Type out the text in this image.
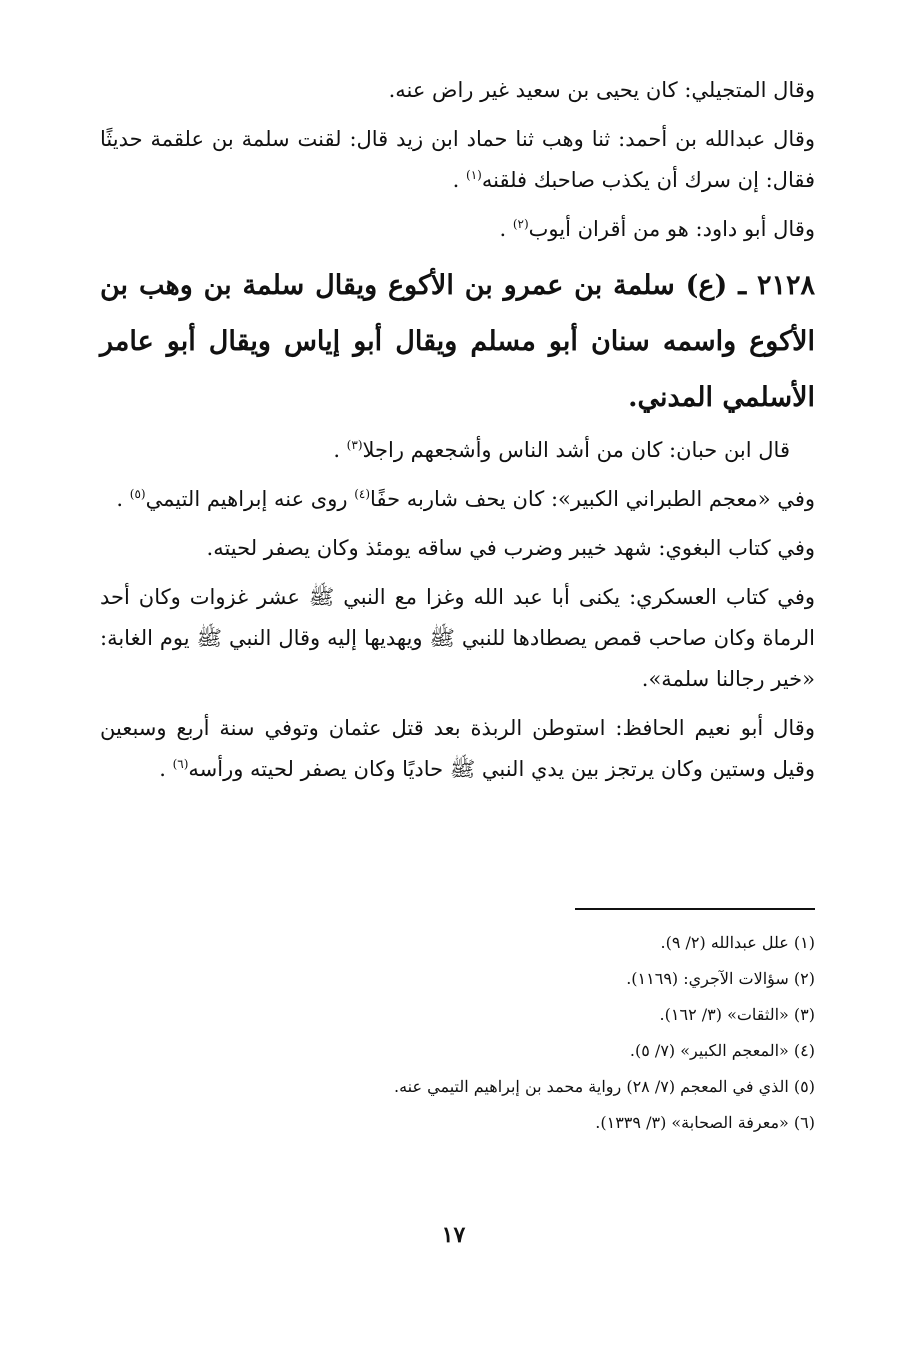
وقال المتجيلي: كان يحيى بن سعيد غير راض عنه.

وقال عبدالله بن أحمد: ثنا وهب ثنا حماد ابن زيد قال: لقنت سلمة بن علقمة حديثًا فقال: إن سرك أن يكذب صاحبك فلقنه$^{(١)}$ .

وقال أبو داود: هو من أقران أيوب$^{(٢)}$ .

٢١٢٨ ـ (ع) سلمة بن عمرو بن الأكوع ويقال سلمة بن وهب بن الأكوع واسمه سنان أبو مسلم ويقال أبو إياس ويقال أبو عامر الأسلمي المدني.

قال ابن حبان: كان من أشد الناس وأشجعهم راجلا$^{(٣)}$ .

وفي «معجم الطبراني الكبير»: كان يحف شاربه حفًا$^{(٤)}$ روى عنه إبراهيم التيمي$^{(٥)}$ .

وفي كتاب البغوي: شهد خيبر وضرب في ساقه يومئذ وكان يصفر لحيته.

وفي كتاب العسكري: يكنى أبا عبد الله وغزا مع النبي ﷺ عشر غزوات وكان أحد الرماة وكان صاحب قمص يصطادها للنبي ﷺ ويهديها إليه وقال النبي ﷺ يوم الغابة: «خير رجالنا سلمة».

وقال أبو نعيم الحافظ: استوطن الربذة بعد قتل عثمان وتوفي سنة أربع وسبعين وقيل وستين وكان يرتجز بين يدي النبي ﷺ حاديًا وكان يصفر لحيته ورأسه$^{(٦)}$ .

(١) علل عبدالله (٢/ ٩).

(٢) سؤالات الآجري: (١١٦٩).

(٣) «الثقات» (٣/ ١٦٢).

(٤) «المعجم الكبير» (٧/ ٥).

(٥) الذي في المعجم (٧/ ٢٨) رواية محمد بن إبراهيم التيمي عنه.

(٦) «معرفة الصحابة» (٣/ ١٣٣٩).

١٧
